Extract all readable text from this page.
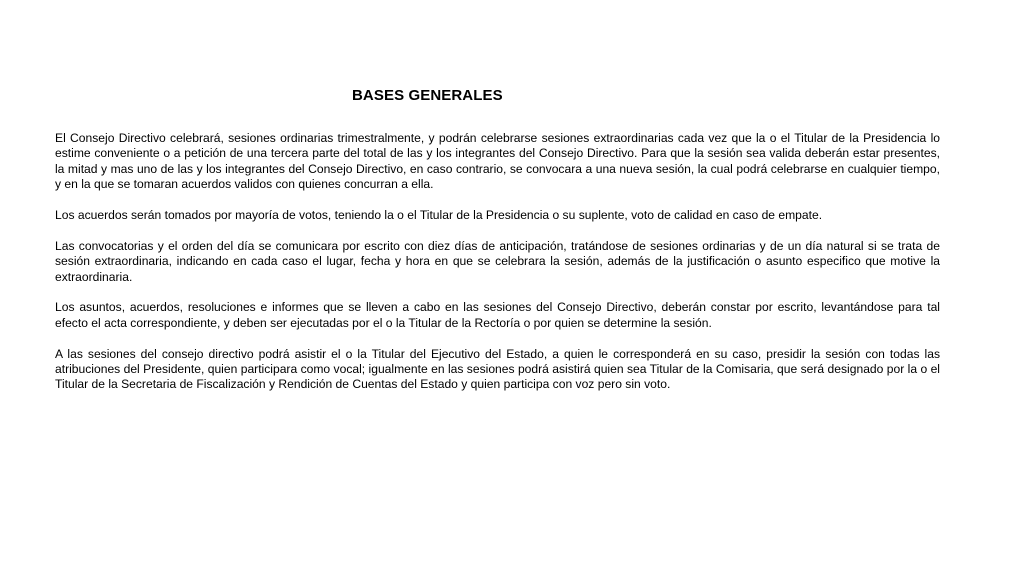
BASES GENERALES

El Consejo Directivo celebrará, sesiones ordinarias trimestralmente, y podrán celebrarse sesiones extraordinarias cada vez que la o el Titular de la Presidencia lo estime conveniente o a petición de una tercera parte del total de las y los integrantes del Consejo Directivo. Para que la sesión sea valida deberán estar presentes, la mitad y mas uno de las y los integrantes del Consejo Directivo, en caso contrario, se convocara a una nueva sesión, la cual podrá celebrarse en cualquier tiempo, y en la que se tomaran acuerdos validos con quienes concurran a ella.

Los acuerdos serán tomados por mayoría de votos, teniendo la o el Titular de la Presidencia o su suplente, voto de calidad en caso de empate.

Las convocatorias y el orden del día se comunicara por escrito con diez días de anticipación, tratándose de sesiones ordinarias y de un día natural si se trata de sesión extraordinaria, indicando en cada caso el lugar, fecha y hora en que se celebrara la sesión, además de la justificación o asunto especifico que motive la extraordinaria.

Los asuntos, acuerdos, resoluciones e informes que se lleven a cabo en las sesiones del Consejo Directivo, deberán constar por escrito, levantándose para tal efecto el acta correspondiente, y deben ser ejecutadas por el o la Titular de la Rectoría o por quien se determine la sesión.

A las sesiones del consejo directivo podrá asistir el o la Titular del Ejecutivo del Estado, a quien le corresponderá en su caso, presidir la sesión con todas las atribuciones del Presidente, quien participara como vocal; igualmente en las sesiones podrá asistirá quien sea Titular de la Comisaria, que será designado por la o el Titular de la Secretaria de Fiscalización y Rendición de Cuentas del Estado y quien participa con voz pero sin voto.
